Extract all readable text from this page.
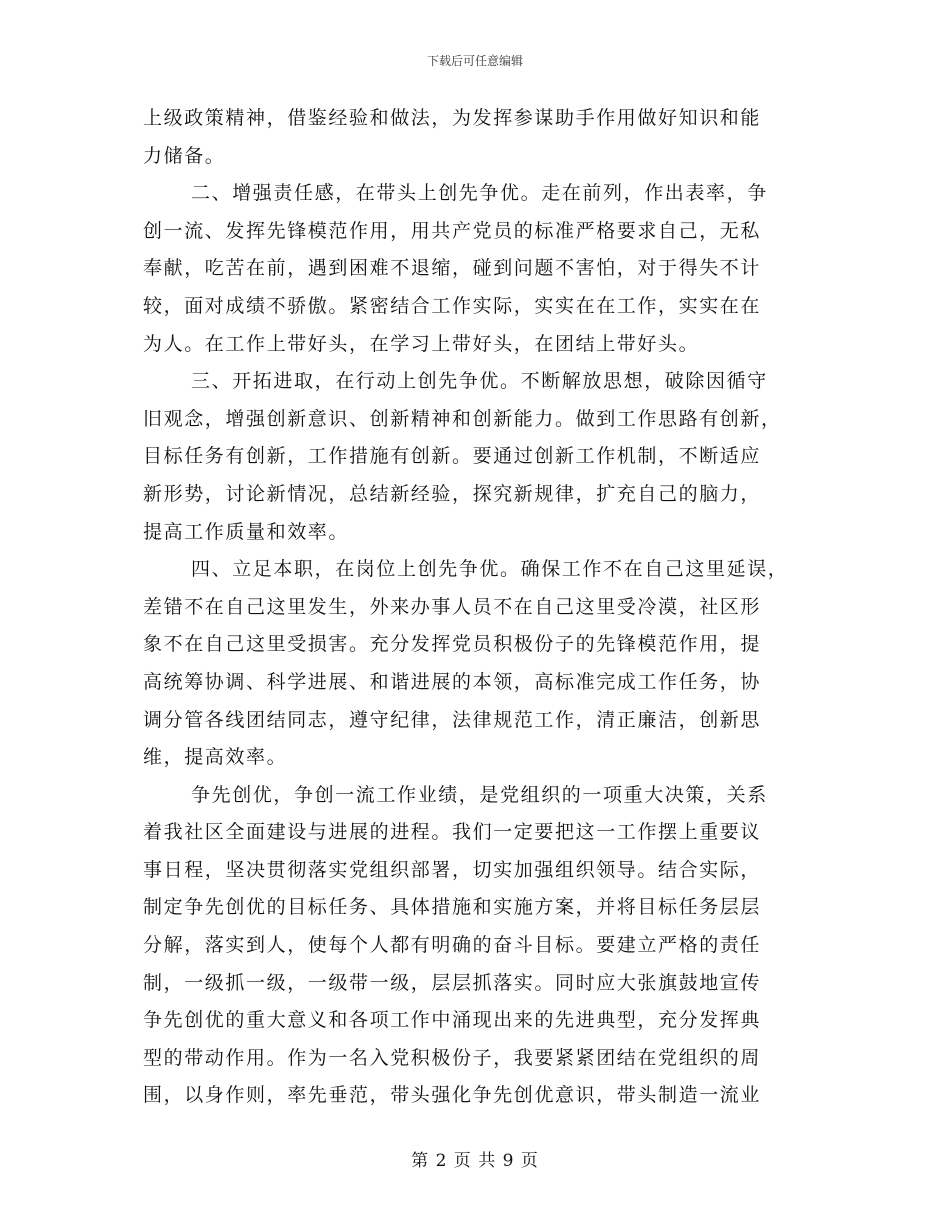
下载后可任意编辑
上级政策精神，借鉴经验和做法，为发挥参谋助手作用做好知识和能
力储备。
二、增强责任感，在带头上创先争优。走在前列，作出表率，争
创一流、发挥先锋模范作用，用共产党员的标准严格要求自己，无私
奉献，吃苦在前，遇到困难不退缩，碰到问题不害怕，对于得失不计
较，面对成绩不骄傲。紧密结合工作实际，实实在在工作，实实在在
为人。在工作上带好头，在学习上带好头，在团结上带好头。
三、开拓进取，在行动上创先争优。不断解放思想，破除因循守
旧观念，增强创新意识、创新精神和创新能力。做到工作思路有创新，
目标任务有创新，工作措施有创新。要通过创新工作机制，不断适应
新形势，讨论新情况，总结新经验，探究新规律，扩充自己的脑力，
提高工作质量和效率。
四、立足本职，在岗位上创先争优。确保工作不在自己这里延误，
差错不在自己这里发生，外来办事人员不在自己这里受冷漠，社区形
象不在自己这里受损害。充分发挥党员积极份子的先锋模范作用，提
高统筹协调、科学进展、和谐进展的本领，高标准完成工作任务，协
调分管各线团结同志，遵守纪律，法律规范工作，清正廉洁，创新思
维，提高效率。
争先创优，争创一流工作业绩，是党组织的一项重大决策，关系
着我社区全面建设与进展的进程。我们一定要把这一工作摆上重要议
事日程，坚决贯彻落实党组织部署，切实加强组织领导。结合实际，
制定争先创优的目标任务、具体措施和实施方案，并将目标任务层层
分解，落实到人，使每个人都有明确的奋斗目标。要建立严格的责任
制，一级抓一级，一级带一级，层层抓落实。同时应大张旗鼓地宣传
争先创优的重大意义和各项工作中涌现出来的先进典型，充分发挥典
型的带动作用。作为一名入党积极份子，我要紧紧团结在党组织的周
围，以身作则，率先垂范，带头强化争先创优意识，带头制造一流业
第 2 页 共 9 页
